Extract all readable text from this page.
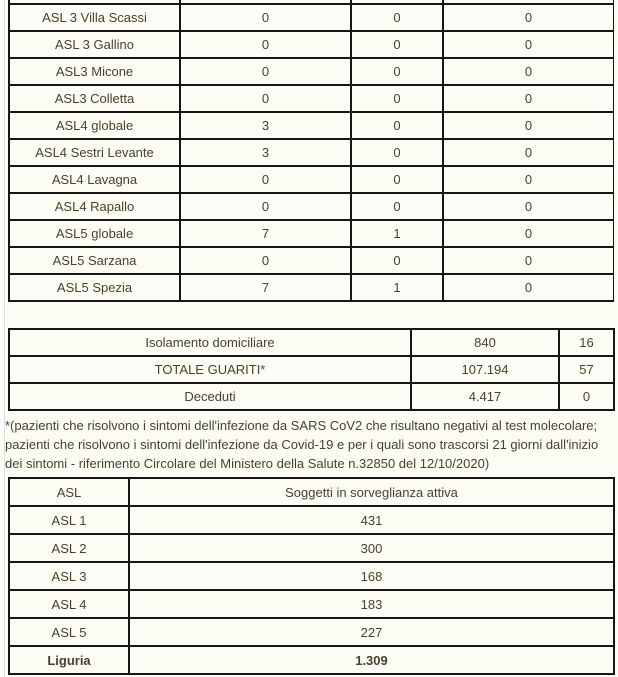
ASL 3 Villa Scassi	0	0	0
ASL 3 Gallino	0	0	0
ASL3 Micone	0	0	0
ASL3 Colletta	0	0	0
ASL4 globale	3	0	0
ASL4 Sestri Levante	3	0	0
ASL4 Lavagna	0	0	0
ASL4 Rapallo	0	0	0
ASL5 globale	7	1	0
ASL5 Sarzana	0	0	0
ASL5 Spezia	7	1	0
Isolamento domiciliare	840	16
TOTALE GUARITI*	107.194	57
Deceduti	4.417	0
*(pazienti che risolvono i sintomi dell'infezione da SARS CoV2 che risultano negativi al test molecolare; pazienti che risolvono i sintomi dell'infezione da Covid-19 e per i quali sono trascorsi 21 giorni dall'inizio dei sintomi - riferimento Circolare del Ministero della Salute n.32850 del 12/10/2020)
ASL	Soggetti in sorveglianza attiva
ASL 1	431
ASL 2	300
ASL 3	168
ASL 4	183
ASL 5	227
Liguria	1.309
